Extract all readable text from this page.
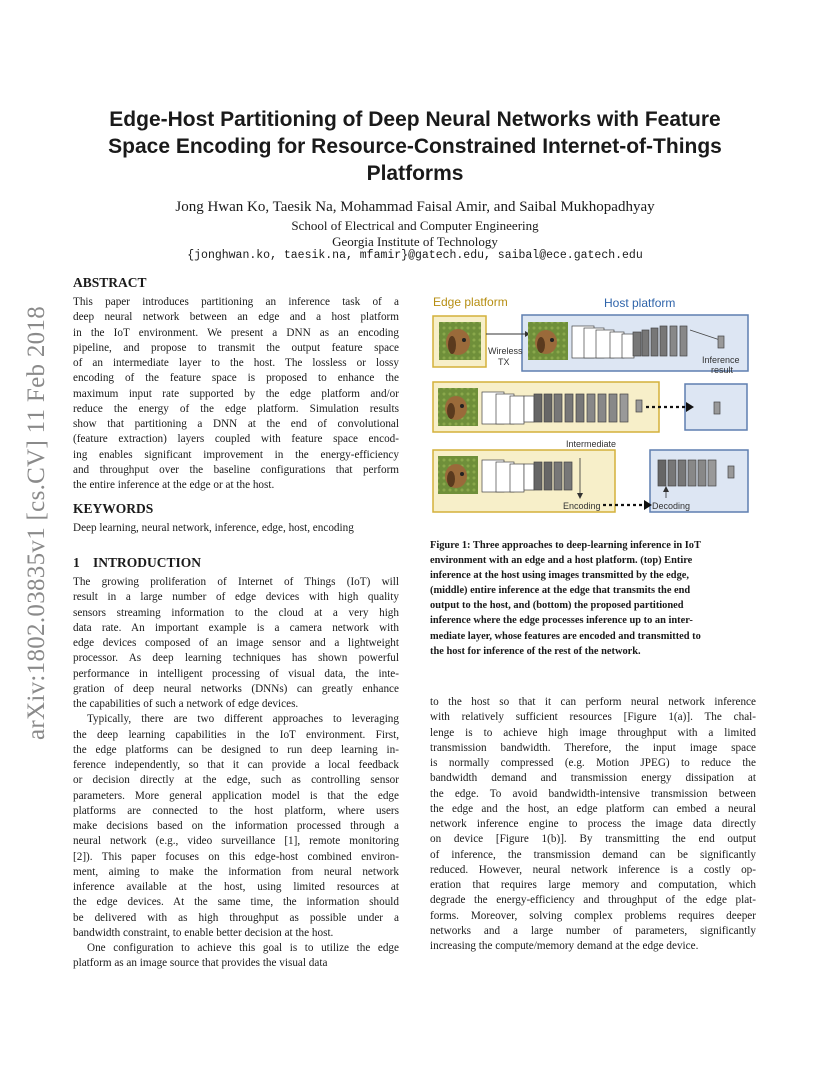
arXiv:1802.03835v1 [cs.CV] 11 Feb 2018
Edge-Host Partitioning of Deep Neural Networks with Feature
Space Encoding for Resource-Constrained Internet-of-Things
Platforms
Jong Hwan Ko, Taesik Na, Mohammad Faisal Amir, and Saibal Mukhopadhyay
School of Electrical and Computer Engineering
Georgia Institute of Technology
{jonghwan.ko, taesik.na, mfamir}@gatech.edu, saibal@ece.gatech.edu
ABSTRACT
This paper introduces partitioning an inference task of a
deep neural network between an edge and a host platform
in the IoT environment. We present a DNN as an encoding
pipeline, and propose to transmit the output feature space
of an intermediate layer to the host. The lossless or lossy
encoding of the feature space is proposed to enhance the
maximum input rate supported by the edge platform and/or
reduce the energy of the edge platform. Simulation results
show that partitioning a DNN at the end of convolutional
(feature extraction) layers coupled with feature space encod-
ing enables significant improvement in the energy-efficiency
and throughput over the baseline configurations that perform
the entire inference at the edge or at the host.
KEYWORDS
Deep learning, neural network, inference, edge, host, encoding
1 INTRODUCTION
The growing proliferation of Internet of Things (IoT) will
result in a large number of edge devices with high quality
sensors streaming information to the cloud at a very high
data rate. An important example is a camera network with
edge devices composed of an image sensor and a lightweight
processor. As deep learning techniques has shown powerful
performance in intelligent processing of visual data, the inte-
gration of deep neural networks (DNNs) can greatly enhance
the capabilities of such a network of edge devices.
Typically, there are two different approaches to leveraging
the deep learning capabilities in the IoT environment. First,
the edge platforms can be designed to run deep learning in-
ference independently, so that it can provide a local feedback
or decision directly at the edge, such as controlling sensor
parameters. More general application model is that the edge
platforms are connected to the host platform, where users
make decisions based on the information processed through a
neural network (e.g., video surveillance [1], remote monitoring
[2]). This paper focuses on this edge-host combined environ-
ment, aiming to make the information from neural network
inference available at the host, using limited resources at
the edge devices. At the same time, the information should
be delivered with as high throughput as possible under a
bandwidth constraint, to enable better decision at the host.
One configuration to achieve this goal is to utilize the edge
platform as an image source that provides the visual data
Edge platform	Host platform
Wireless
TX	Inference
result
Intermediate
Encoding	Decoding
Figure 1: Three approaches to deep-learning inference in IoT
environment with an edge and a host platform. (top) Entire
inference at the host using images transmitted by the edge,
(middle) entire inference at the edge that transmits the end
output to the host, and (bottom) the proposed partitioned
inference where the edge processes inference up to an inter-
mediate layer, whose features are encoded and transmitted to
the host for inference of the rest of the network.
to the host so that it can perform neural network inference
with relatively sufficient resources [Figure 1(a)]. The chal-
lenge is to achieve high image throughput with a limited
transmission bandwidth. Therefore, the input image space
is normally compressed (e.g. Motion JPEG) to reduce the
bandwidth demand and transmission energy dissipation at
the edge. To avoid bandwidth-intensive transmission between
the edge and the host, an edge platform can embed a neural
network inference engine to process the image data directly
on device [Figure 1(b)]. By transmitting the end output
of inference, the transmission demand can be significantly
reduced. However, neural network inference is a costly op-
eration that requires large memory and computation, which
degrade the energy-efficiency and throughput of the edge plat-
forms. Moreover, solving complex problems requires deeper
networks and a large number of parameters, significantly
increasing the compute/memory demand at the edge device.
